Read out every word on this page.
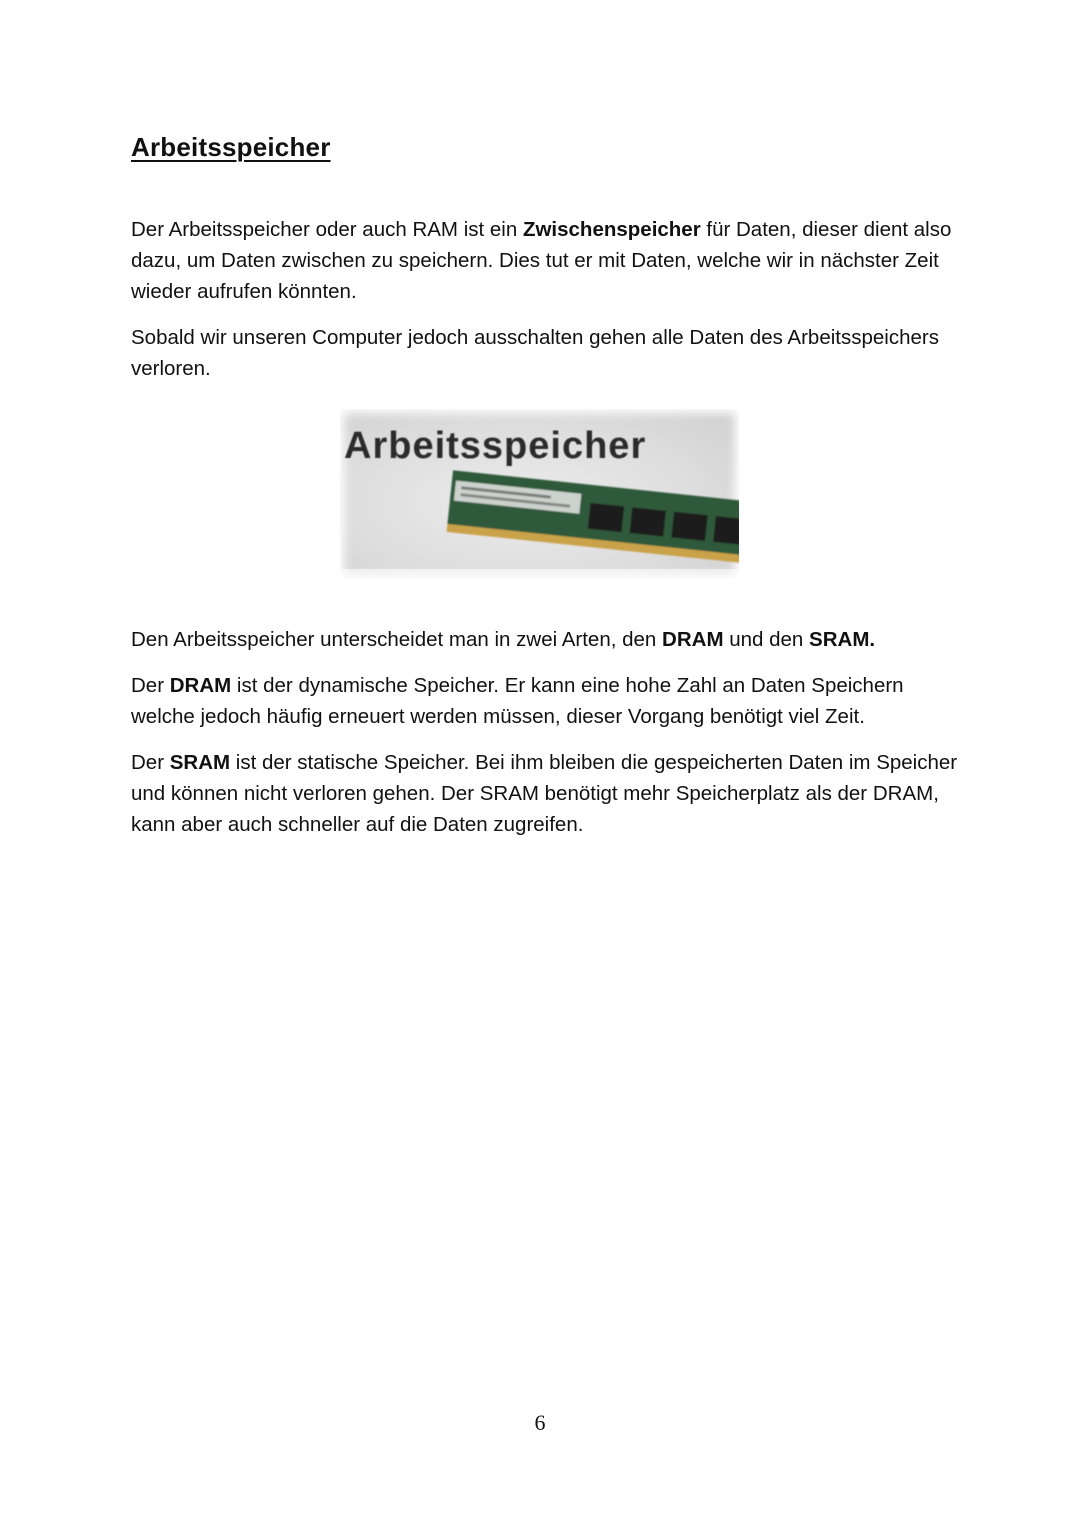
Arbeitsspeicher

Der Arbeitsspeicher oder auch RAM ist ein Zwischenspeicher für Daten, dieser dient also dazu, um Daten zwischen zu speichern. Dies tut er mit Daten, welche wir in nächster Zeit wieder aufrufen könnten.

Sobald wir unseren Computer jedoch ausschalten gehen alle Daten des Arbeitsspeichers verloren.

Arbeitsspeicher

Den Arbeitsspeicher unterscheidet man in zwei Arten, den DRAM und den SRAM.

Der DRAM ist der dynamische Speicher. Er kann eine hohe Zahl an Daten Speichern welche jedoch häufig erneuert werden müssen, dieser Vorgang benötigt viel Zeit.

Der SRAM ist der statische Speicher. Bei ihm bleiben die gespeicherten Daten im Speicher und können nicht verloren gehen. Der SRAM benötigt mehr Speicherplatz als der DRAM, kann aber auch schneller auf die Daten zugreifen.

6
